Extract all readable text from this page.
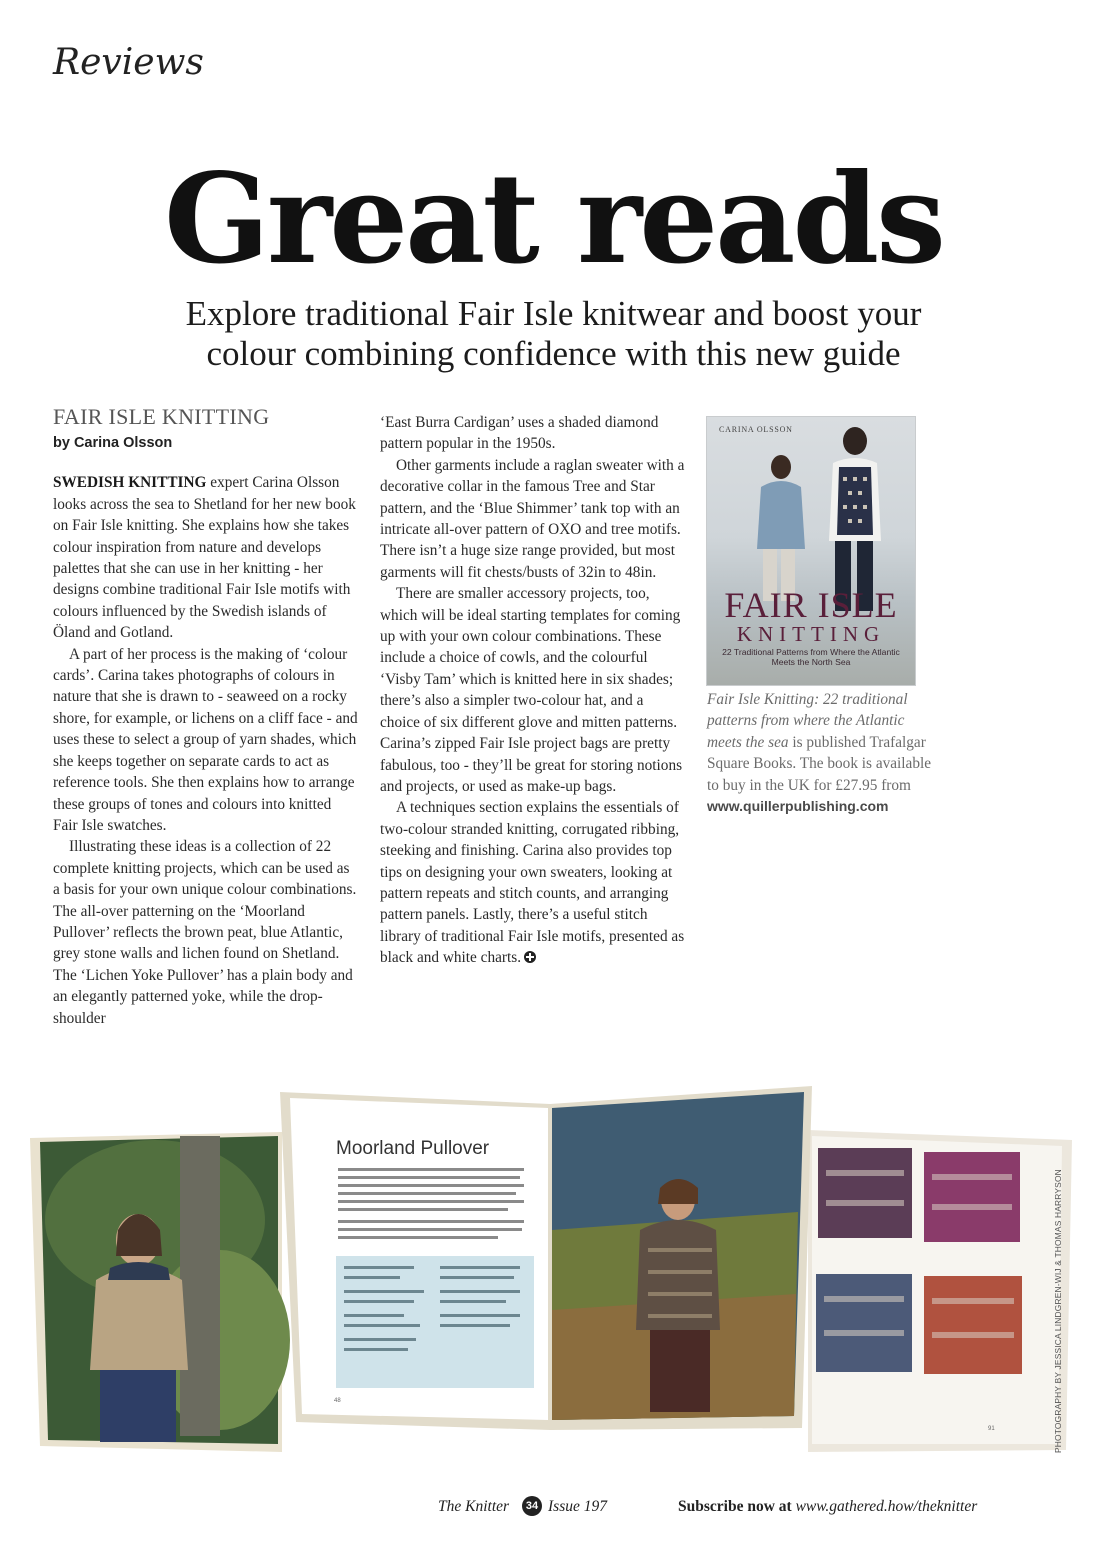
Reviews
Great reads
Explore traditional Fair Isle knitwear and boost your
colour combining confidence with this new guide
FAIR ISLE KNITTING
by Carina Olsson

SWEDISH KNITTING expert Carina Olsson looks across the sea to Shetland for her new book on Fair Isle knitting. She explains how she takes colour inspiration from nature and develops palettes that she can use in her knitting - her designs combine traditional Fair Isle motifs with colours influenced by the Swedish islands of Öland and Gotland.

A part of her process is the making of ‘colour cards’. Carina takes photographs of colours in nature that she is drawn to - seaweed on a rocky shore, for example, or lichens on a cliff face - and uses these to select a group of yarn shades, which she keeps together on separate cards to act as reference tools. She then explains how to arrange these groups of tones and colours into knitted Fair Isle swatches.

Illustrating these ideas is a collection of 22 complete knitting projects, which can be used as a basis for your own unique colour combinations. The all-over patterning on the ‘Moorland Pullover’ reflects the brown peat, blue Atlantic, grey stone walls and lichen found on Shetland. The ‘Lichen Yoke Pullover’ has a plain body and an elegantly patterned yoke, while the drop-shoulder

‘East Burra Cardigan’ uses a shaded diamond pattern popular in the 1950s.

Other garments include a raglan sweater with a decorative collar in the famous Tree and Star pattern, and the ‘Blue Shimmer’ tank top with an intricate all-over pattern of OXO and tree motifs. There isn’t a huge size range provided, but most garments will fit chests/busts of 32in to 48in.

There are smaller accessory projects, too, which will be ideal starting templates for coming up with your own colour combinations. These include a choice of cowls, and the colourful ‘Visby Tam’ which is knitted here in six shades; there’s also a simpler two-colour hat, and a choice of six different glove and mitten patterns. Carina’s zipped Fair Isle project bags are pretty fabulous, too - they’ll be great for storing notions and projects, or used as make-up bags.

A techniques section explains the essentials of two-colour stranded knitting, corrugated ribbing, steeking and finishing. Carina also provides top tips on designing your own sweaters, looking at pattern repeats and stitch counts, and arranging pattern panels. Lastly, there’s a useful stitch library of traditional Fair Isle motifs, presented as black and white charts.

CARINA OLSSON
FAIR ISLE
KNITTING
22 Traditional Patterns from Where the Atlantic Meets the North Sea
Fair Isle Knitting: 22 traditional patterns from where the Atlantic meets the sea is published Trafalgar Square Books. The book is available to buy in the UK for £27.95 from www.quillerpublishing.com
91
Moorland Pullover
48	PHOTOGRAPHY BY JESSICA LINDGREN-WIJ & THOMAS HARRYSON
The Knitter	34 Issue 197	Subscribe now at www.gathered.how/theknitter
